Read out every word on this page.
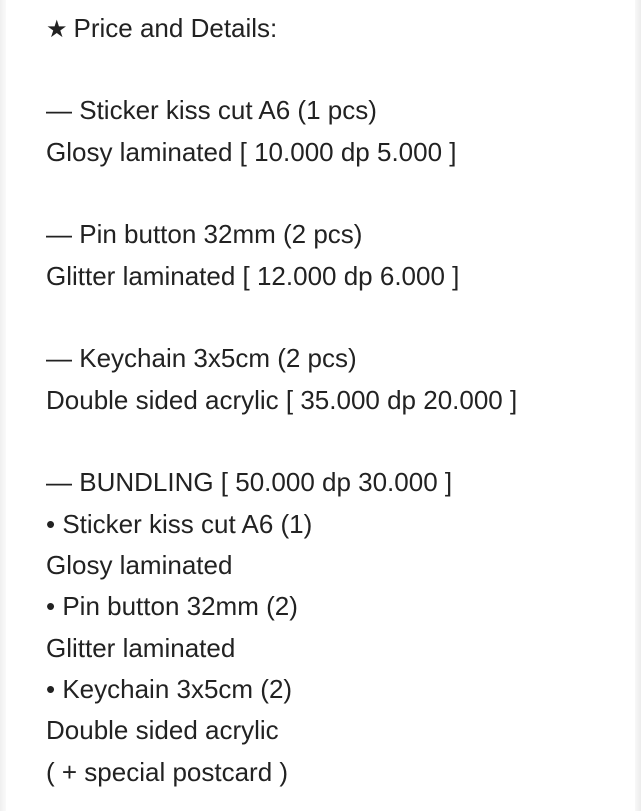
★ Price and Details:
— Sticker kiss cut A6 (1 pcs)
Glosy laminated [ 10.000 dp 5.000 ]
— Pin button 32mm (2 pcs)
Glitter laminated [ 12.000 dp 6.000 ]
— Keychain 3x5cm (2 pcs)
Double sided acrylic [ 35.000 dp 20.000 ]
— BUNDLING [ 50.000 dp 30.000 ]
• Sticker kiss cut A6 (1)
Glosy laminated
• Pin button 32mm (2)
Glitter laminated
• Keychain 3x5cm (2)
Double sided acrylic
( + special postcard )
